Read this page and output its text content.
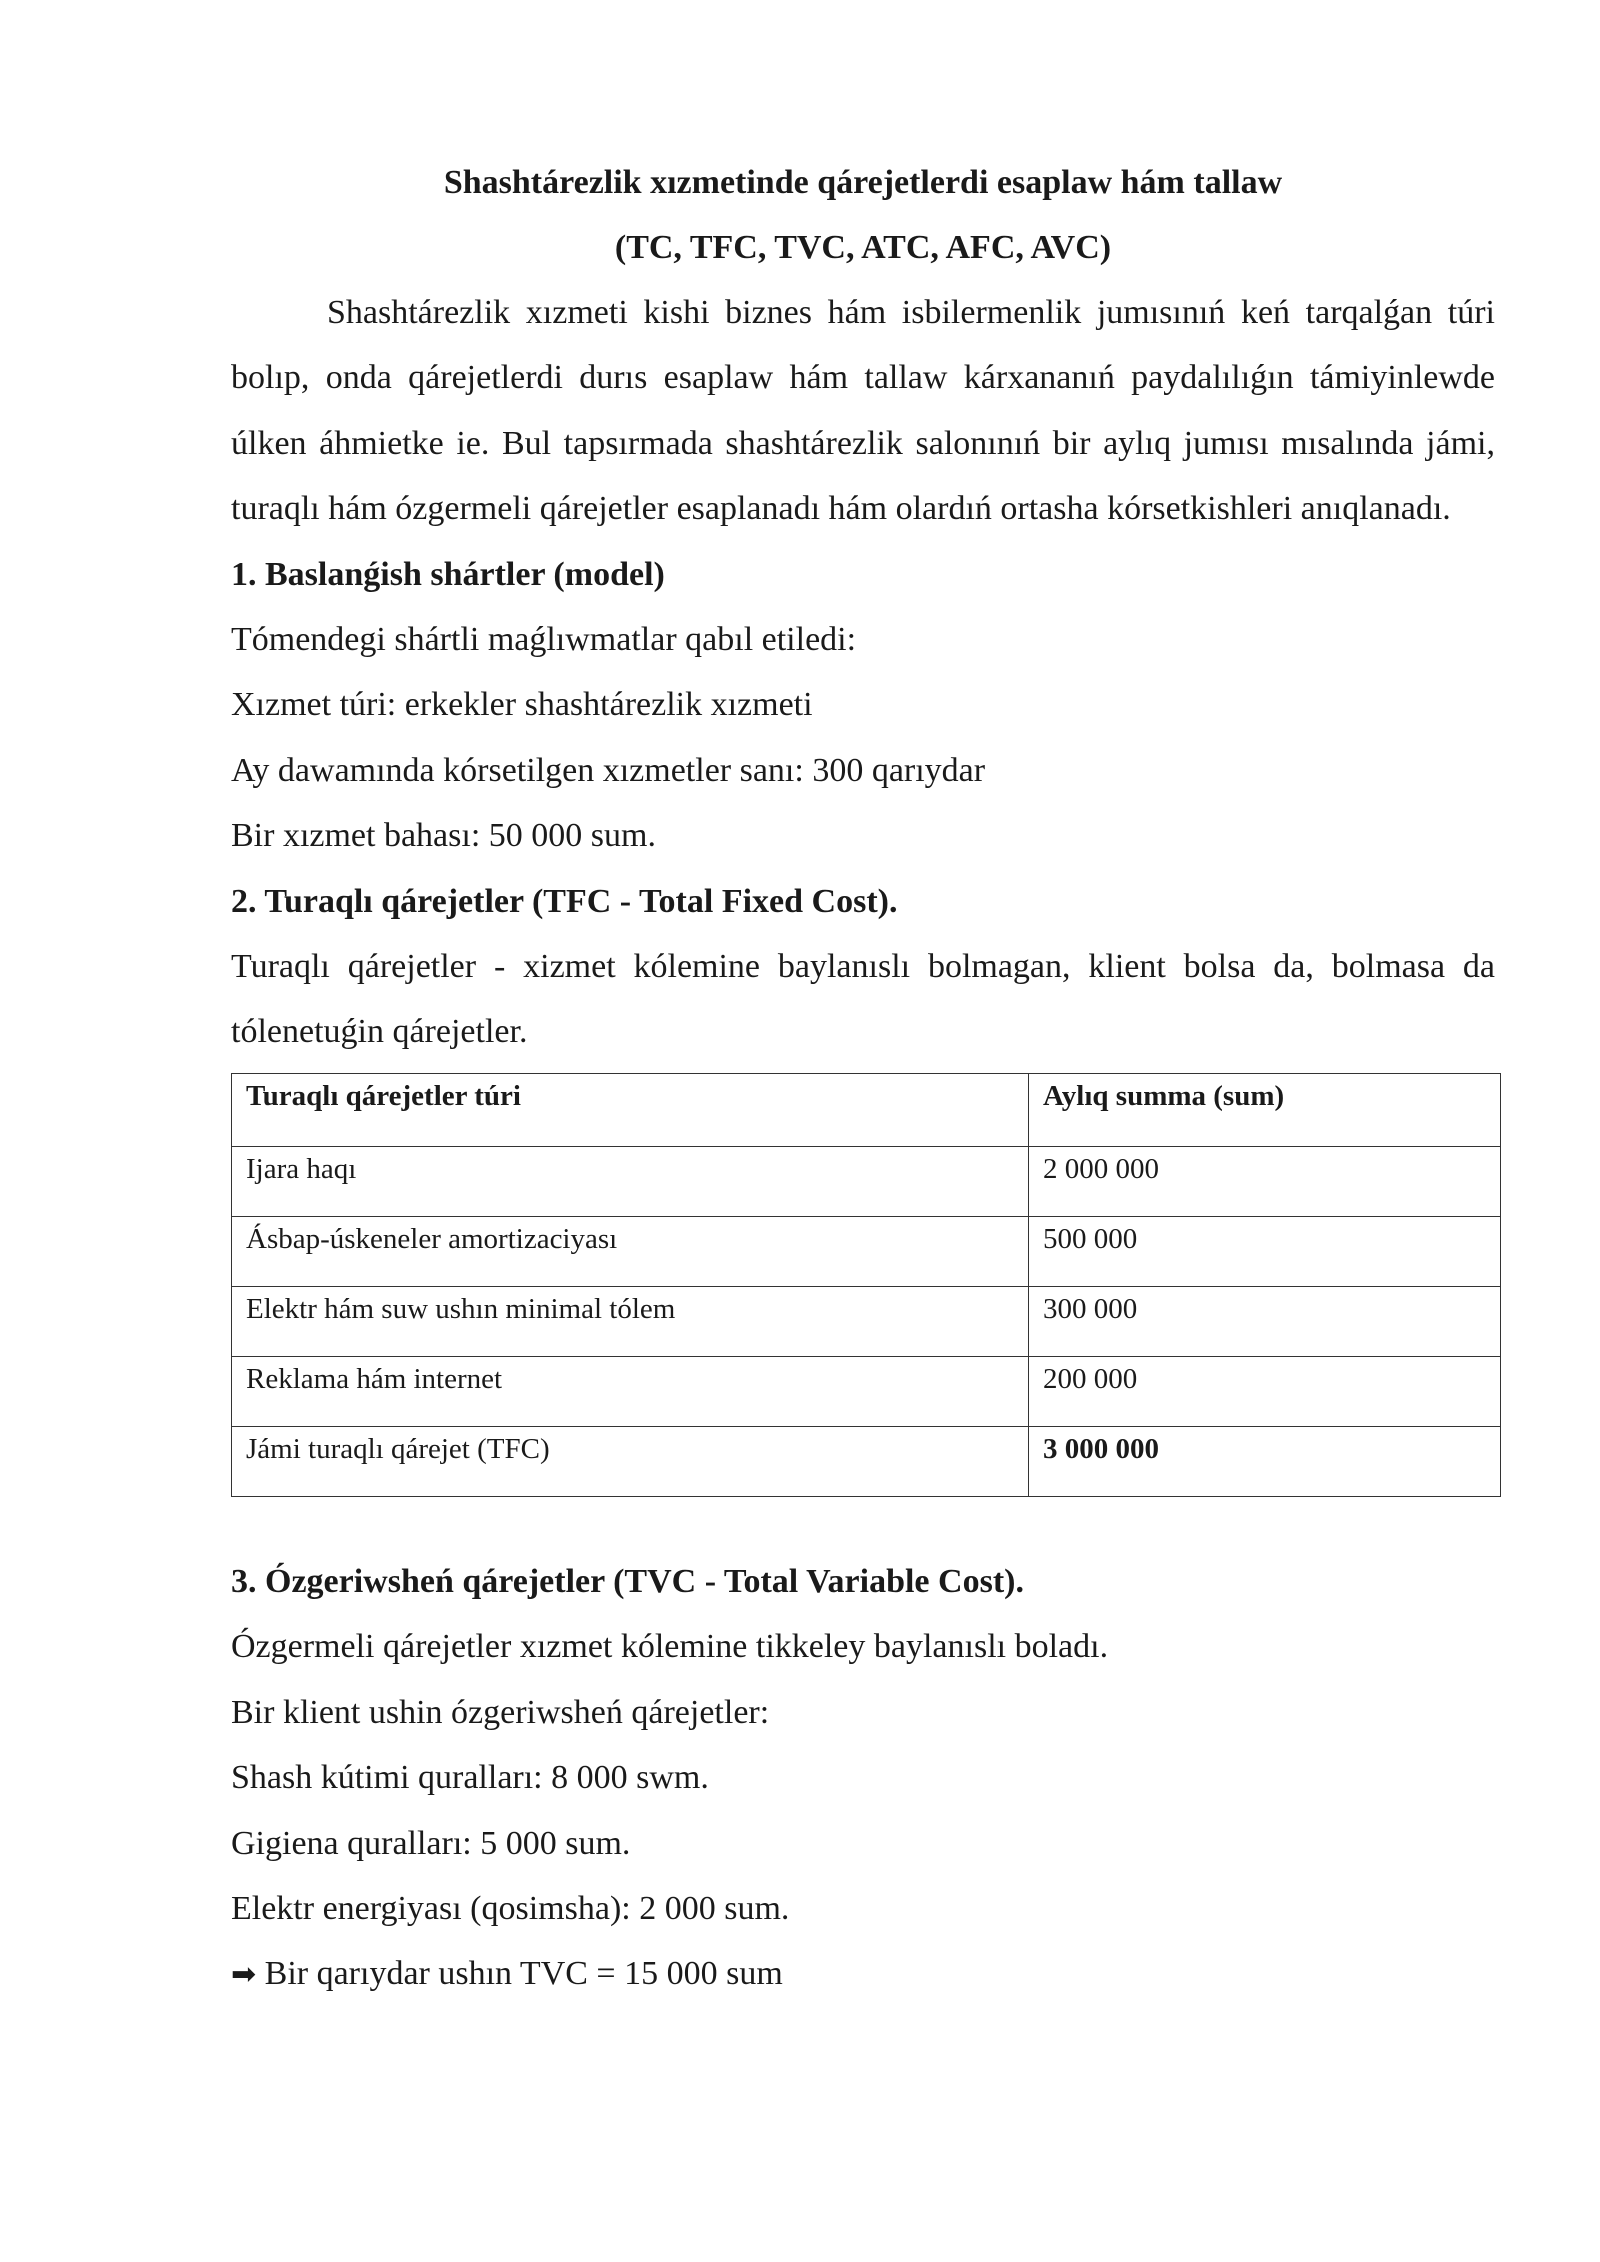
Shashtárezlik xızmetinde qárejetlerdi esaplaw hám tallaw

(TC, TFC, TVC, ATC, AFC, AVC)

Shashtárezlik xızmeti kishi biznes hám isbilermenlik jumısınıń keń tarqalǵan túri bolıp, onda qárejetlerdi durıs esaplaw hám tallaw kárxananıń paydalılıǵın támiyinlewde úlken áhmietke ie. Bul tapsırmada shashtárezlik salonınıń bir aylıq jumısı mısalında jámi, turaqlı hám ózgermeli qárejetler esaplanadı hám olardıń ortasha kórsetkishleri anıqlanadı.

1. Baslanǵish shártler (model)

Tómendegi shártli maǵlıwmatlar qabıl etiledi:

Xızmet túri: erkekler shashtárezlik xızmeti

Ay dawamında kórsetilgen xızmetler sanı: 300 qarıydar

Bir xızmet bahası: 50 000 sum.

2. Turaqlı qárejetler (TFC - Total Fixed Cost).

Turaqlı qárejetler - xizmet kólemine baylanıslı bolmagan, klient bolsa da, bolmasa da tólenetuǵin qárejetler.

Turaqlı qárejetler túri	Aylıq summa (sum)
Ijara haqı	2 000 000
Ásbap-úskeneler amortizaciyası	500 000
Elektr hám suw ushın minimal tólem	300 000
Reklama hám internet	200 000
Jámi turaqlı qárejet (TFC)	3 000 000

3. Ózgeriwsheń qárejetler (TVC - Total Variable Cost).

Ózgermeli qárejetler xızmet kólemine tikkeley baylanıslı boladı.

Bir klient ushin ózgeriwsheń qárejetler:

Shash kútimi quralları: 8 000 swm.

Gigiena quralları: 5 000 sum.

Elektr energiyası (qosimsha): 2 000 sum.

➡ Bir qarıydar ushın TVC = 15 000 sum
